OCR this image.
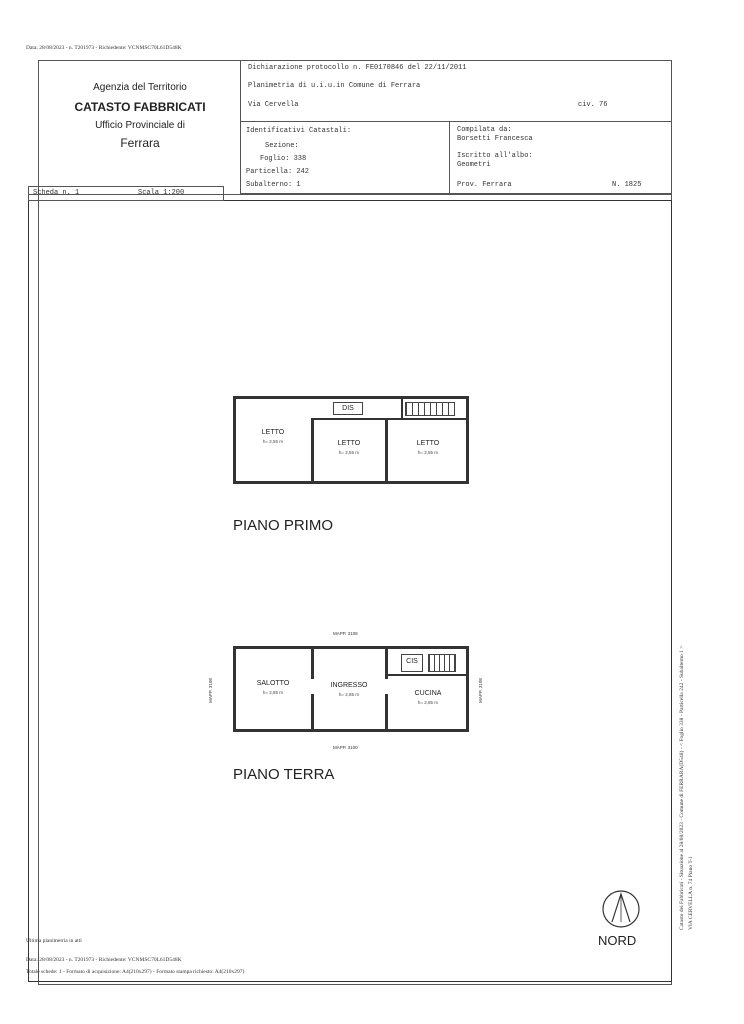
Data: 28/08/2023 - n. T201973 - Richiedente: VCNMSC70L61D548K
Agenzia del Territorio
CATASTO FABBRICATI
Ufficio Provinciale di
Ferrara
Dichiarazione protocollo n. FE0170846 del 22/11/2011
Planimetria di u.i.u.in Comune di Ferrara
Via Cervella	civ. 76
Identificativi Catastali:
Sezione:
Foglio: 338
Particella: 242
Subalterno: 1
Compilata da:
Borsetti Francesca
Iscritto all'albo:
Geometri
Prov. Ferrara	N. 1825
Scheda n. 1	Scala 1:200
DIS
LETTO
h= 2,55 m	LETTO
h= 2,55 m
LETTO
h= 2,55 m
PIANO PRIMO
MAPP. 3108
MAPP. 3100
MAPP. 3108	MAPP. 3108
CIS
SALOTTO
h= 2,85 m
INGRESSO
h= 2,85 m	CUCINA
h= 2,85 m
PIANO TERRA	Catasto dei Fabbricati - Situazione al 28/08/2023 - Comune di FERRARA(D548) - < Foglio 338 - Particella 242 - Subalterno 1 > VIA CERVELLA n. 74 Piano T-1
NORD
Ultima planimetria in atti
Data: 28/08/2023 - n. T201973 - Richiedente: VCNMSC70L61D548K
Totale schede: 1 - Formato di acquisizione: A4(210x297) - Formato stampa richiesto: A4(210x297)
